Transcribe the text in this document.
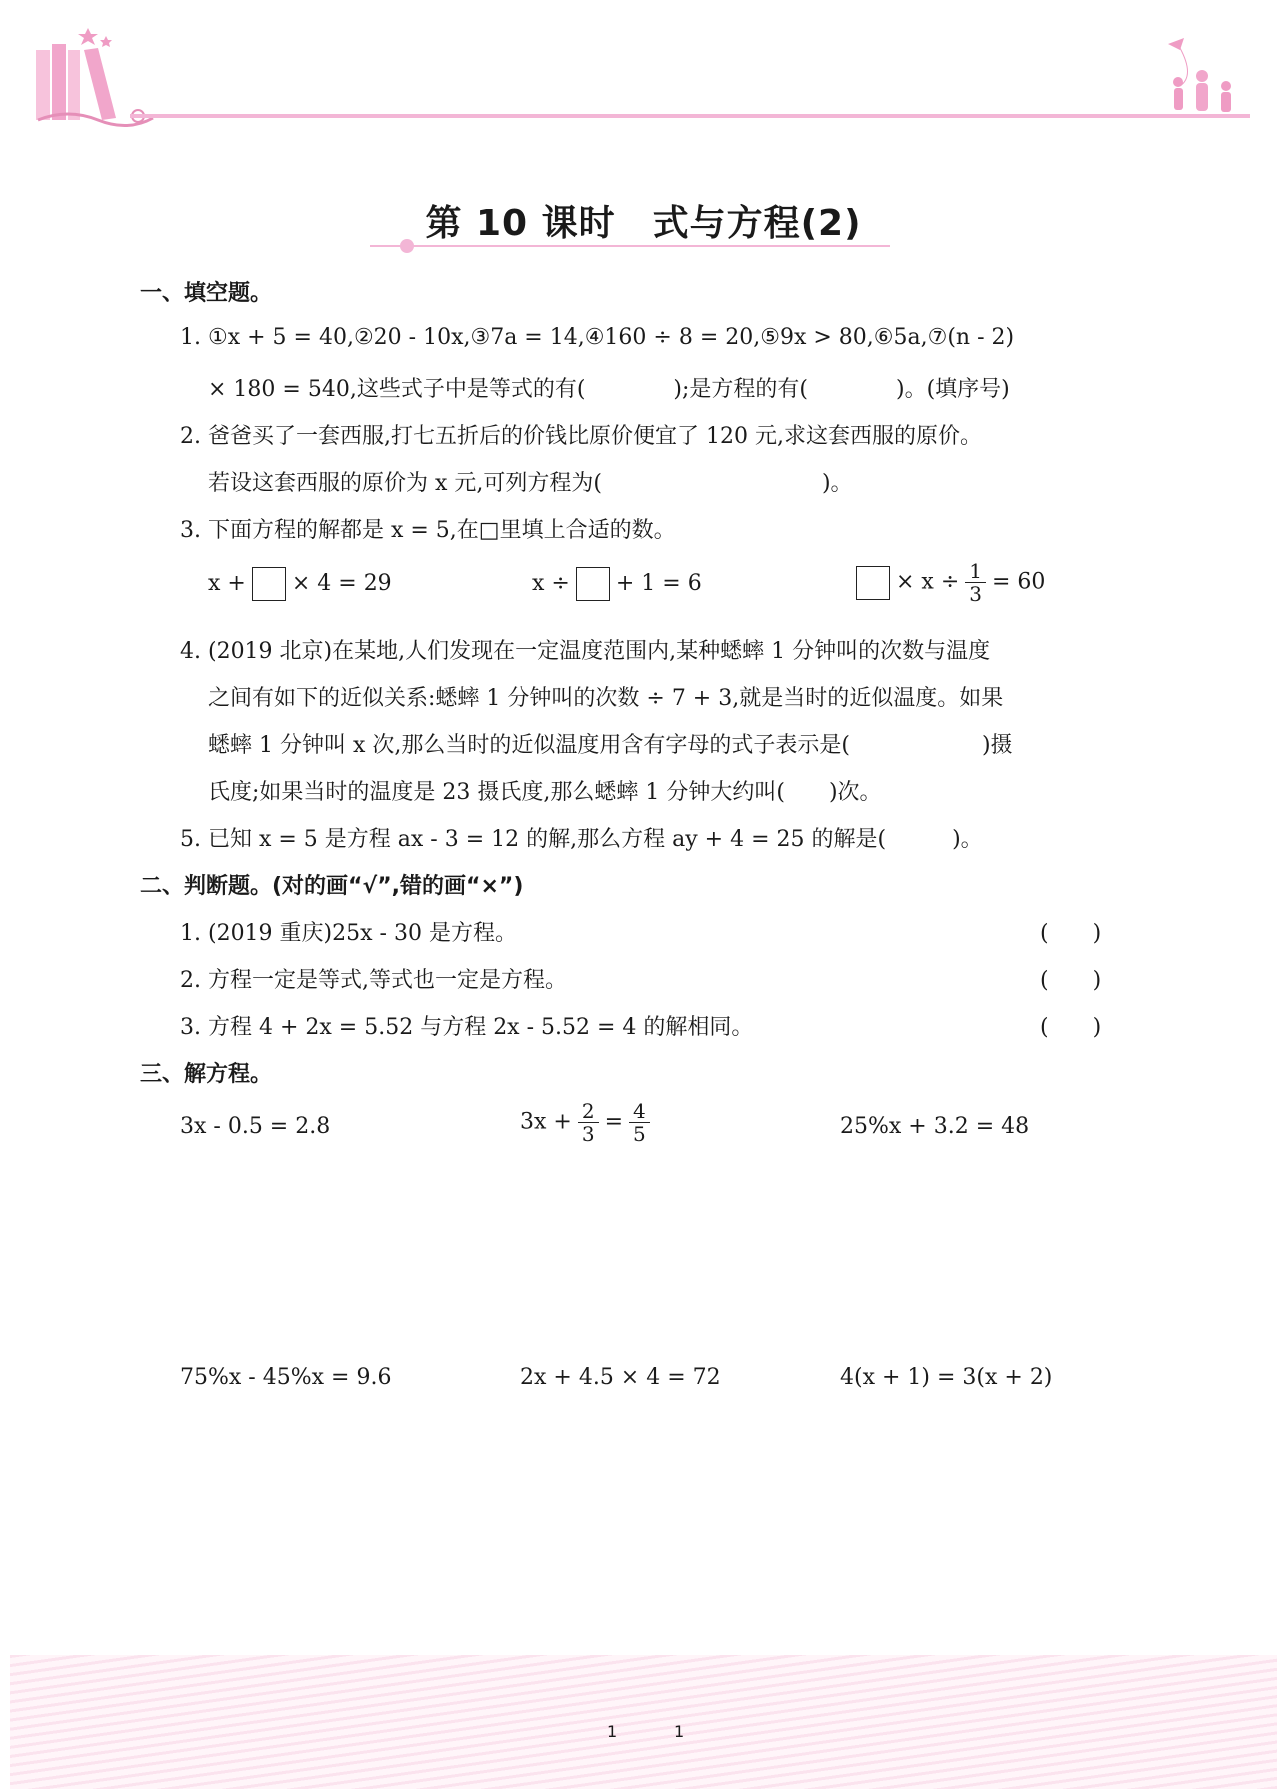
第 10 课时　式与方程(2)
一、填空题。
1. ①x + 5 = 40,②20 - 10x,③7a = 14,④160 ÷ 8 = 20,⑤9x > 80,⑥5a,⑦(n - 2)
× 180 = 540,这些式子中是等式的有(　　　　);是方程的有(　　　　)。(填序号)
2. 爸爸买了一套西服,打七五折后的价钱比原价便宜了 120 元,求这套西服的原价。
若设这套西服的原价为 x 元,可列方程为(　　　　　　　　　　)。
3. 下面方程的解都是 x = 5,在□里填上合适的数。
x + × 4 = 29	x ÷ + 1 = 6	× $x \div \frac{1}{3} = 60$
4. (2019 北京)在某地,人们发现在一定温度范围内,某种蟋蟀 1 分钟叫的次数与温度
之间有如下的近似关系:蟋蟀 1 分钟叫的次数 ÷ 7 + 3,就是当时的近似温度。如果
蟋蟀 1 分钟叫 x 次,那么当时的近似温度用含有字母的式子表示是(　　　　　　)摄
氏度;如果当时的温度是 23 摄氏度,那么蟋蟀 1 分钟大约叫(　　)次。
5. 已知 x = 5 是方程 ax - 3 = 12 的解,那么方程 ay + 4 = 25 的解是(　　　)。
二、判断题。(对的画“√”,错的画“×”)
1. (2019 重庆)25x - 30 是方程。	(　　)
2. 方程一定是等式,等式也一定是方程。	(　　)
3. 方程 4 + 2x = 5.52 与方程 2x - 5.52 = 4 的解相同。	(　　)
三、解方程。
3x - 0.5 = 2.8	$3x + \frac{2}{3} = \frac{4}{5}$	25%x + 3.2 = 48
75%x - 45%x = 9.6	2x + 4.5 × 4 = 72	4(x + 1) = 3(x + 2)
1	1
